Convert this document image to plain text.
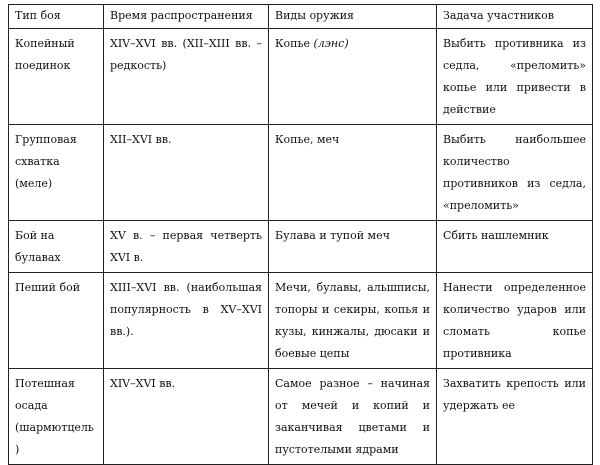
Тип боя	Время распространения	Виды оружия	Задача участников
Копейный поединок	XIV–XVI вв. (XII–XIII вв. – редкость)	Копье (лэнс)	Выбить противника из седла, «преломить» копье или привести в действие
Групповая схватка (меле)	XII–XVI вв.	Копье, меч	Выбить наибольшее количество противников из седла, «преломить»
Бой на булавах	XV в. – первая четверть XVI в.	Булава и тупой меч	Сбить нашлемник
Пеший бой	XIII–XVI вв. (наибольшая популярность в XV–XVI вв.).	Мечи, булавы, альшписы, топоры и секиры, копья и кузы, кинжалы, дюсаки и боевые цепы	Нанести определенное количество ударов или сломать копье противника
Потешная осада (шармютцель)	XIV–XVI вв.	Самое разное – начиная от мечей и копий и заканчивая цветами и пустотелыми ядрами	Захватить крепость или удержать ее
